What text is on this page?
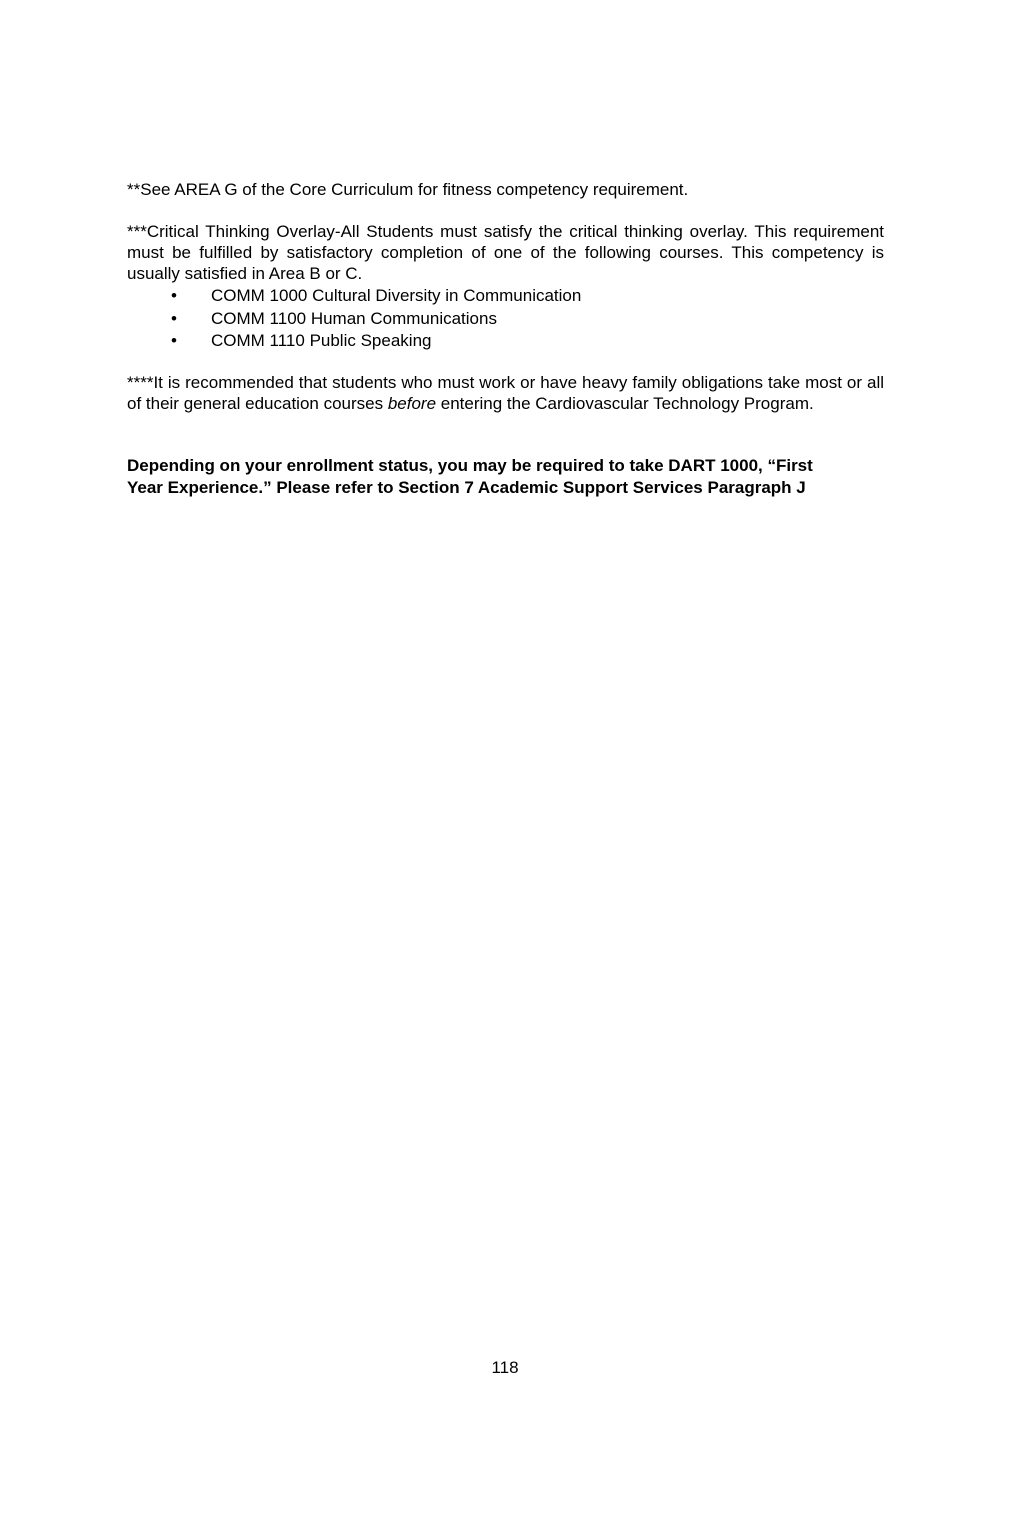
**See AREA G of the Core Curriculum for fitness competency requirement.

***Critical Thinking Overlay-All Students must satisfy the critical thinking overlay. This requirement must be fulfilled by satisfactory completion of one of the following courses. This competency is usually satisfied in Area B or C.

• COMM 1000 Cultural Diversity in Communication
• COMM 1100 Human Communications
• COMM 1110 Public Speaking

****It is recommended that students who must work or have heavy family obligations take most or all of their general education courses before entering the Cardiovascular Technology Program.

Depending on your enrollment status, you may be required to take DART 1000, “First
Year Experience.” Please refer to Section 7 Academic Support Services Paragraph J
118
